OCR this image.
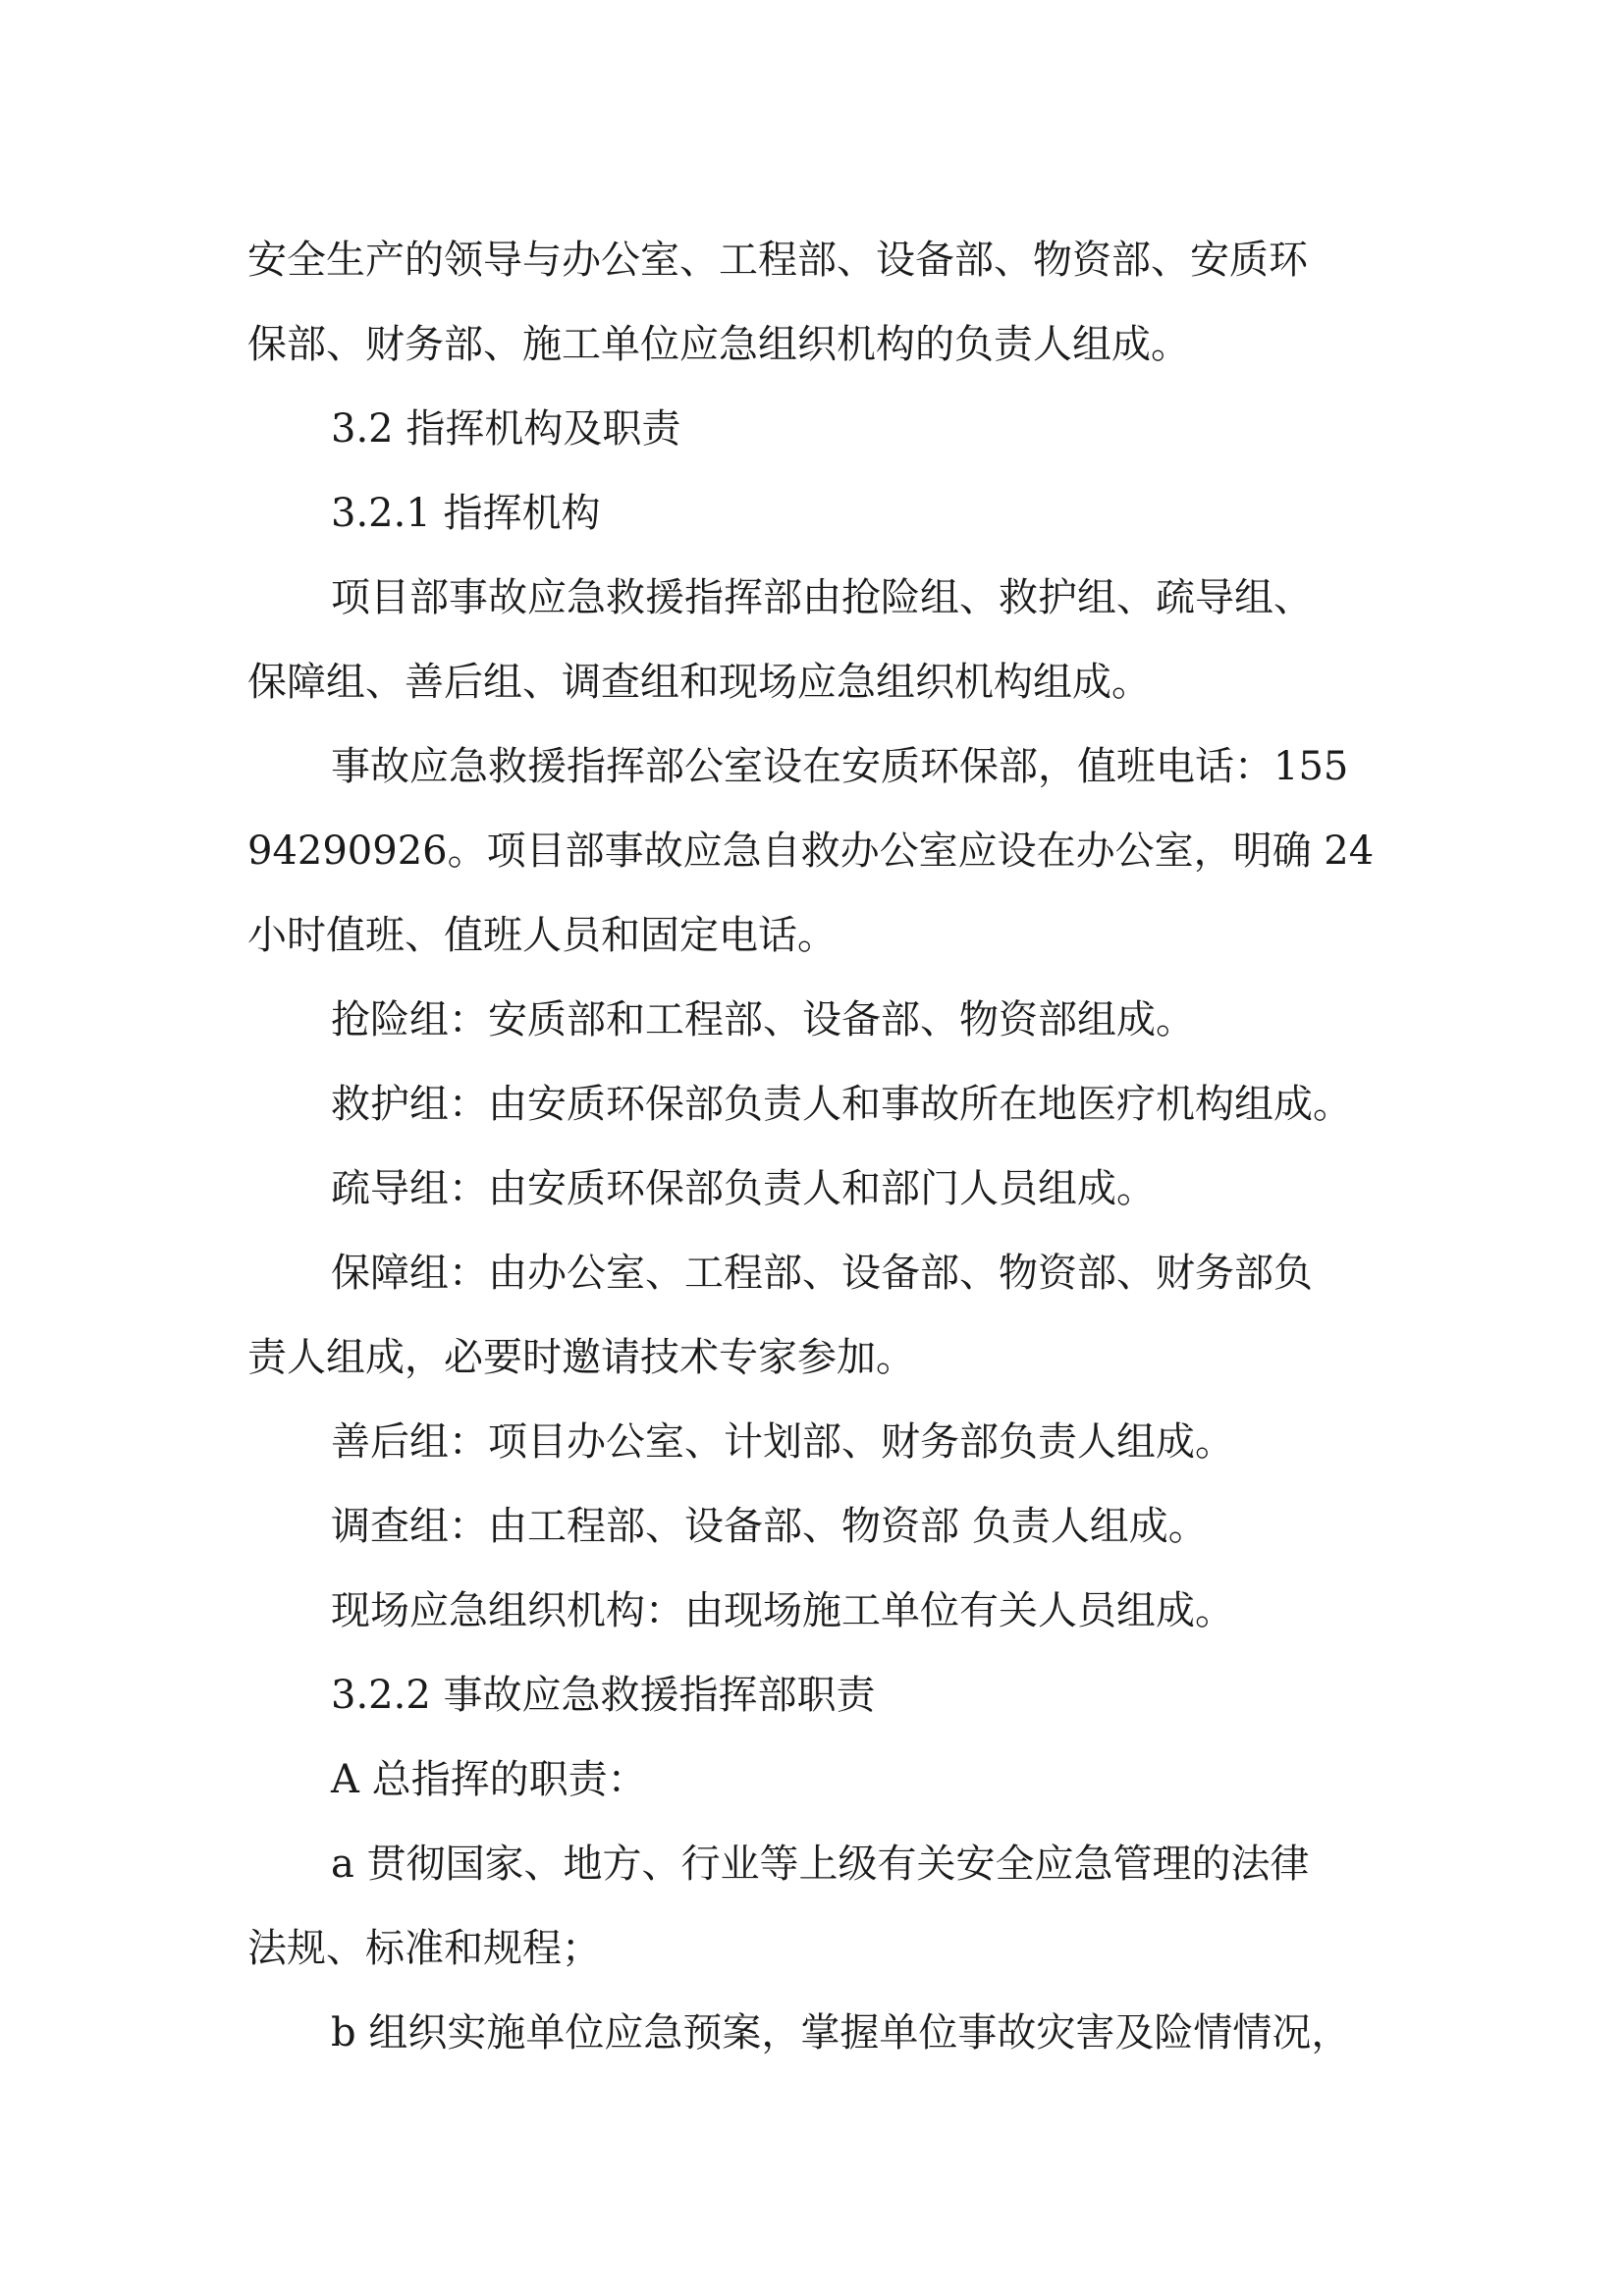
安全生产的领导与办公室、工程部、设备部、物资部、安质环
保部、财务部、施工单位应急组织机构的负责人组成。
3.2 指挥机构及职责
3.2.1 指挥机构
项目部事故应急救援指挥部由抢险组、救护组、疏导组、
保障组、善后组、调查组和现场应急组织机构组成。
事故应急救援指挥部公室设在安质环保部，值班电话：155
94290926。项目部事故应急自救办公室应设在办公室，明确 24
小时值班、值班人员和固定电话。
抢险组：安质部和工程部、设备部、物资部组成。
救护组：由安质环保部负责人和事故所在地医疗机构组成。
疏导组：由安质环保部负责人和部门人员组成。
保障组：由办公室、工程部、设备部、物资部、财务部负
责人组成，必要时邀请技术专家参加。
善后组：项目办公室、计划部、财务部负责人组成。
调查组：由工程部、设备部、物资部 负责人组成。
现场应急组织机构：由现场施工单位有关人员组成。
3.2.2 事故应急救援指挥部职责
A 总指挥的职责：
a 贯彻国家、地方、行业等上级有关安全应急管理的法律
法规、标准和规程；
b 组织实施单位应急预案，掌握单位事故灾害及险情情况，
